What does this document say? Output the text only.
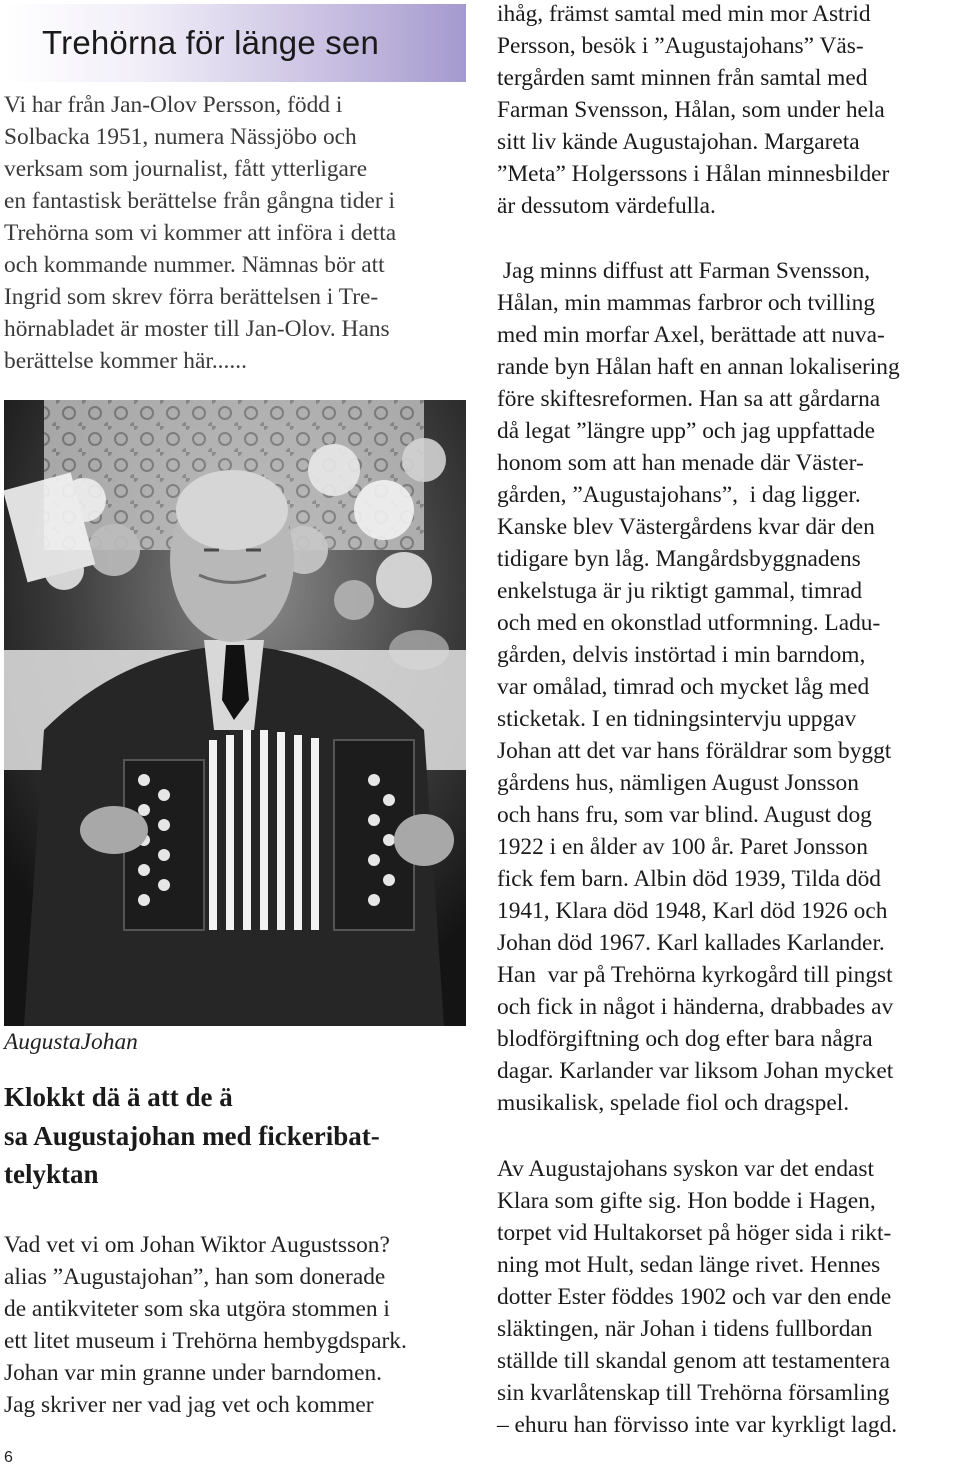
Trehörna för länge sen
Vi har från Jan-Olov Persson, född i
Solbacka 1951, numera Nässjöbo och
verksam som journalist, fått ytterligare
en fantastisk berättelse från gångna tider i
Trehörna som vi kommer att införa i detta
och kommande nummer. Nämnas bör att
Ingrid som skrev förra berättelsen i Tre-
hörnabladet är moster till Jan-Olov. Hans
berättelse kommer här......
AugustaJohan
Klokkt dä ä att de ä
sa Augustajohan med fickeribat-
telyktan
Vad vet vi om Johan Wiktor Augustsson?
alias ”Augustajohan”, han som donerade
de antikviteter som ska utgöra stommen i
ett litet museum i Trehörna hembygdspark.
Johan var min granne under barndomen.
Jag skriver ner vad jag vet och kommer
6
ihåg, främst samtal med min mor Astrid
Persson, besök i ”Augustajohans” Väs-
tergården samt minnen från samtal med
Farman Svensson, Hålan, som under hela
sitt liv kände Augustajohan. Margareta
”Meta” Holgerssons i Hålan minnesbilder
är dessutom värdefulla.
Jag minns diffust att Farman Svensson,
Hålan, min mammas farbror och tvilling
med min morfar Axel, berättade att nuva-
rande byn Hålan haft en annan lokalisering
före skiftesreformen. Han sa att gårdarna
då legat ”längre upp” och jag uppfattade
honom som att han menade där Väster-
gården, ”Augustajohans”,  i dag ligger.
Kanske blev Västergårdens kvar där den
tidigare byn låg. Mangårdsbyggnadens
enkelstuga är ju riktigt gammal, timrad
och med en okonstlad utformning. Ladu-
gården, delvis instörtad i min barndom,
var omålad, timrad och mycket låg med
sticketak. I en tidningsintervju uppgav
Johan att det var hans föräldrar som byggt
gårdens hus, nämligen August Jonsson
och hans fru, som var blind. August dog
1922 i en ålder av 100 år. Paret Jonsson
fick fem barn. Albin död 1939, Tilda död
1941, Klara död 1948, Karl död 1926 och
Johan död 1967. Karl kallades Karlander.
Han  var på Trehörna kyrkogård till pingst
och fick in något i händerna, drabbades av
blodförgiftning och dog efter bara några
dagar. Karlander var liksom Johan mycket
musikalisk, spelade fiol och dragspel.
Av Augustajohans syskon var det endast
Klara som gifte sig. Hon bodde i Hagen,
torpet vid Hultakorset på höger sida i rikt-
ning mot Hult, sedan länge rivet. Hennes
dotter Ester föddes 1902 och var den ende
släktingen, när Johan i tidens fullbordan
ställde till skandal genom att testamentera
sin kvarlåtenskap till Trehörna församling
– ehuru han förvisso inte var kyrkligt lagd.
